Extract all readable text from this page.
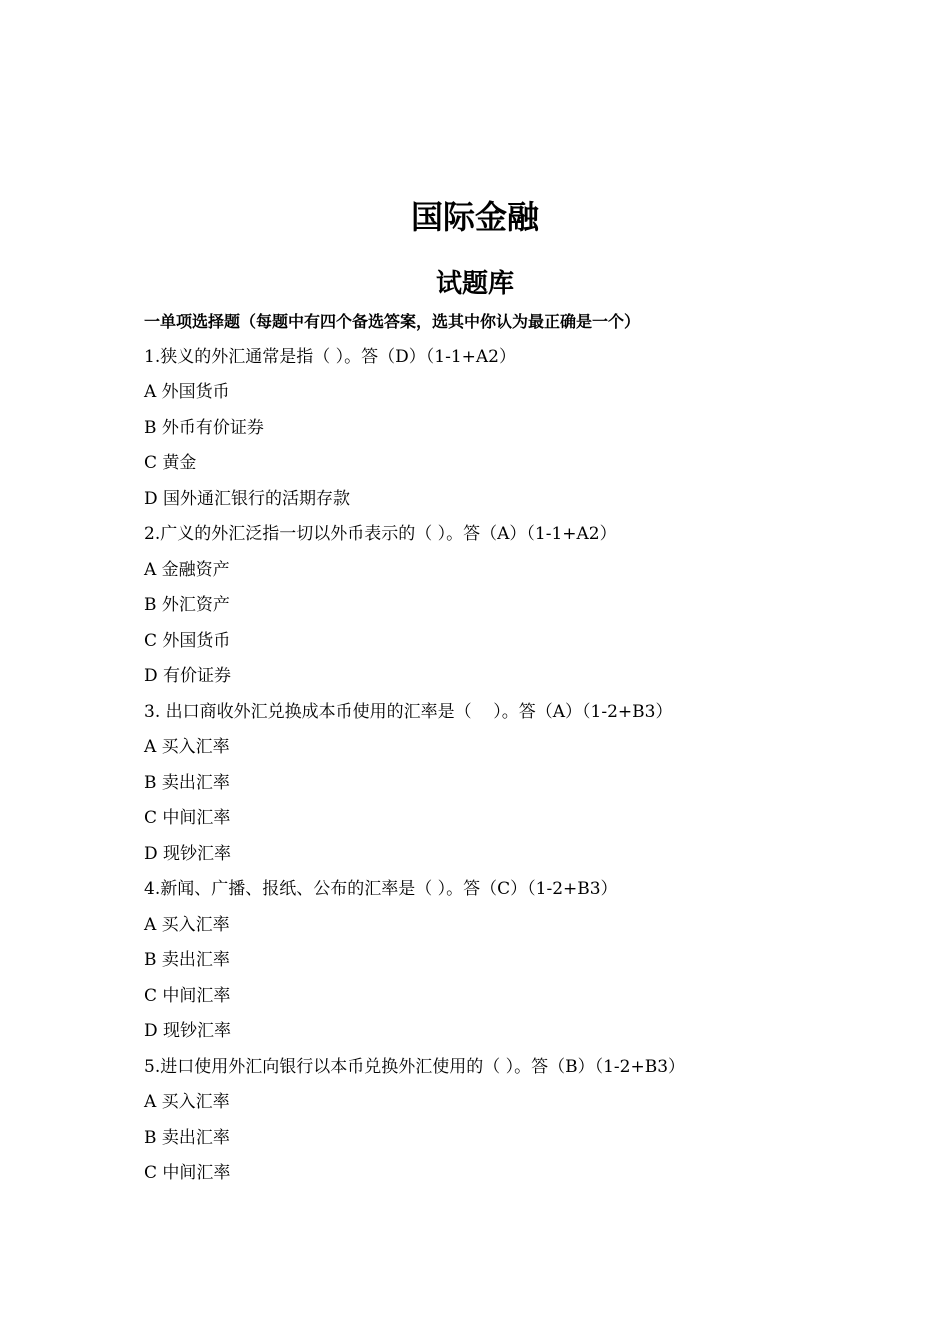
国际金融
试题库
一单项选择题（每题中有四个备选答案，选其中你认为最正确是一个）
1.狭义的外汇通常是指（ ）。答（D）（1-1+A2）
A 外国货币
B 外币有价证券
C 黄金
D 国外通汇银行的活期存款
2.广义的外汇泛指一切以外币表示的（ ）。答（A）（1-1+A2）
A 金融资产
B 外汇资产
C 外国货币
D 有价证券
3. 出口商收外汇兑换成本币使用的汇率是（    ）。答（A）（1-2+B3）
A 买入汇率
B 卖出汇率
C 中间汇率
D 现钞汇率
4.新闻、广播、报纸、公布的汇率是（ ）。答（C）（1-2+B3）
A 买入汇率
B 卖出汇率
C 中间汇率
D 现钞汇率
5.进口使用外汇向银行以本币兑换外汇使用的（ ）。答（B）（1-2+B3）
A 买入汇率
B 卖出汇率
C 中间汇率
